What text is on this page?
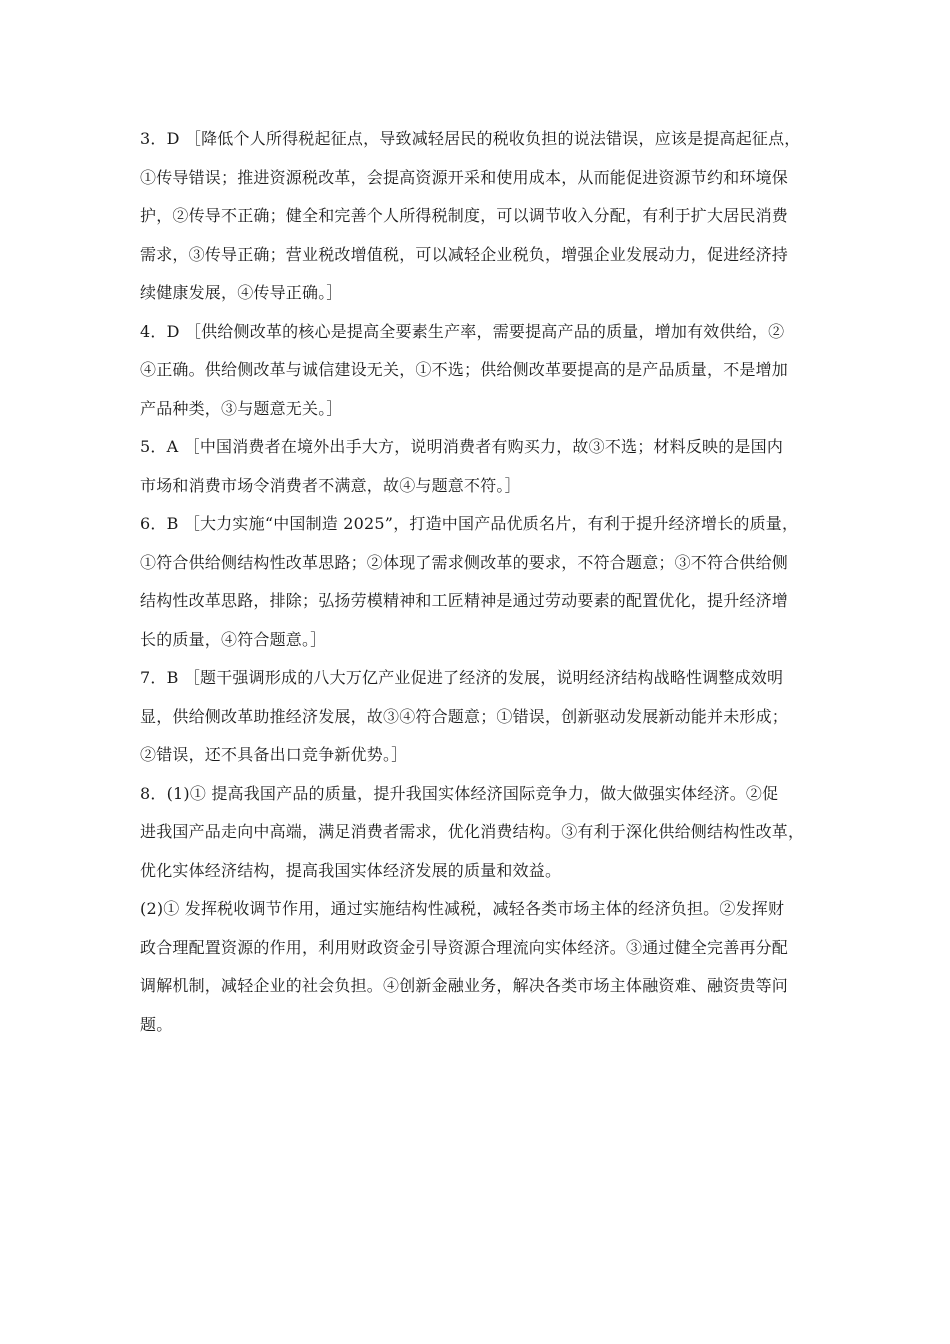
3．D ［降低个人所得税起征点，导致减轻居民的税收负担的说法错误，应该是提高起征点，
①传导错误；推进资源税改革，会提高资源开采和使用成本，从而能促进资源节约和环境保
护，②传导不正确；健全和完善个人所得税制度，可以调节收入分配，有利于扩大居民消费
需求，③传导正确；营业税改增值税，可以减轻企业税负，增强企业发展动力，促进经济持
续健康发展，④传导正确。］
4．D ［供给侧改革的核心是提高全要素生产率，需要提高产品的质量，增加有效供给，②
④正确。供给侧改革与诚信建设无关，①不选；供给侧改革要提高的是产品质量，不是增加
产品种类，③与题意无关。］
5．A ［中国消费者在境外出手大方，说明消费者有购买力，故③不选；材料反映的是国内
市场和消费市场令消费者不满意，故④与题意不符。］
6．B ［大力实施“中国制造 2025”，打造中国产品优质名片，有利于提升经济增长的质量，
①符合供给侧结构性改革思路；②体现了需求侧改革的要求，不符合题意；③不符合供给侧
结构性改革思路，排除；弘扬劳模精神和工匠精神是通过劳动要素的配置优化，提升经济增
长的质量，④符合题意。］
7．B ［题干强调形成的八大万亿产业促进了经济的发展，说明经济结构战略性调整成效明
显，供给侧改革助推经济发展，故③④符合题意；①错误，创新驱动发展新动能并未形成；
②错误，还不具备出口竞争新优势。］
8．(1)① 提高我国产品的质量，提升我国实体经济国际竞争力，做大做强实体经济。②促
进我国产品走向中高端，满足消费者需求，优化消费结构。③有利于深化供给侧结构性改革，
优化实体经济结构，提高我国实体经济发展的质量和效益。
(2)① 发挥税收调节作用，通过实施结构性减税，减轻各类市场主体的经济负担。②发挥财
政合理配置资源的作用，利用财政资金引导资源合理流向实体经济。③通过健全完善再分配
调解机制，减轻企业的社会负担。④创新金融业务，解决各类市场主体融资难、融资贵等问
题。
